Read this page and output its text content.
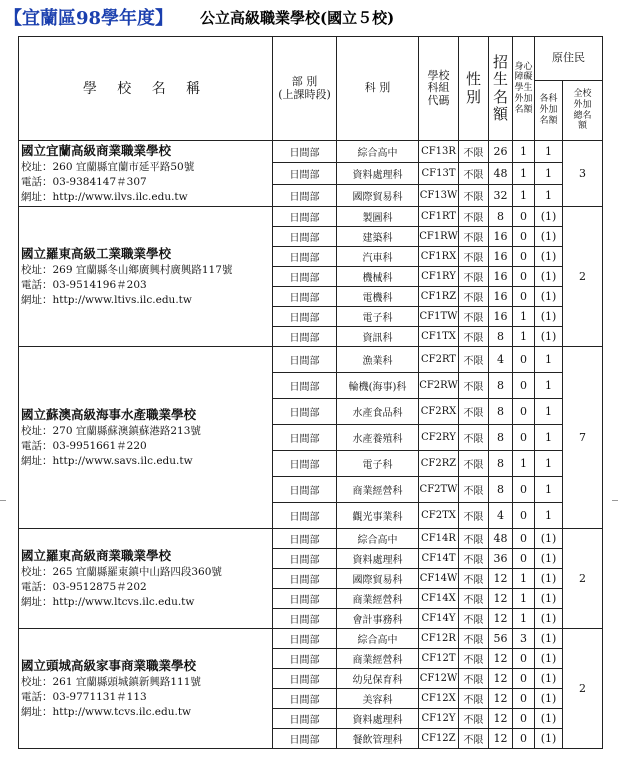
【宜蘭區98學年度】 公立高級職業學校(國立５校)
學 校 名 稱	部 別
(上課時段)	科 別	學校科組代碼	性別	招生名額	身心障礙學生外加名額	原住民	

							各科外加名額	全校外加總名額

國立宜蘭高級商業職業學校
校址：260 宜蘭縣宜蘭市延平路50號
電話：03-9384147＃307
網址：http://www.ilvs.ilc.edu.tw	日間部	綜合高中	CF13R	不限	26	1	1	3
	日間部	資料處理科	CF13T	不限	48	1	1	
	日間部	國際貿易科	CF13W	不限	32	1	1	

國立羅東高級工業職業學校
校址：269 宜蘭縣冬山鄉廣興村廣興路117號
電話：03-9514196＃203
網址：http://www.ltivs.ilc.edu.tw	日間部	製圖科	CF1RT	不限	8	0	(1)	2
	日間部	建築科	CF1RW	不限	16	0	(1)	
	日間部	汽車科	CF1RX	不限	16	0	(1)	
	日間部	機械科	CF1RY	不限	16	0	(1)	
	日間部	電機科	CF1RZ	不限	16	0	(1)	
	日間部	電子科	CF1TW	不限	16	1	(1)	
	日間部	資訊科	CF1TX	不限	8	1	(1)	

國立蘇澳高級海事水產職業學校
校址：270 宜蘭縣蘇澳鎮蘇港路213號
電話：03-9951661＃220
網址：http://www.savs.ilc.edu.tw	日間部	漁業科	CF2RT	不限	4	0	1	7
	日間部	輪機(海事)科	CF2RW	不限	8	0	1	
	日間部	水產食品科	CF2RX	不限	8	0	1	
	日間部	水產養殖科	CF2RY	不限	8	0	1	
	日間部	電子科	CF2RZ	不限	8	1	1	
	日間部	商業經營科	CF2TW	不限	8	0	1	
	日間部	觀光事業科	CF2TX	不限	4	0	1	

國立羅東高級商業職業學校
校址：265 宜蘭縣羅東鎮中山路四段360號
電話：03-9512875＃202
網址：http://www.ltcvs.ilc.edu.tw	日間部	綜合高中	CF14R	不限	48	0	(1)	2
	日間部	資料處理科	CF14T	不限	36	0	(1)	
	日間部	國際貿易科	CF14W	不限	12	1	(1)	
	日間部	商業經營科	CF14X	不限	12	1	(1)	
	日間部	會計事務科	CF14Y	不限	12	1	(1)	

國立頭城高級家事商業職業學校
校址：261 宜蘭縣頭城鎮新興路111號
電話：03-9771131＃113
網址：http://www.tcvs.ilc.edu.tw	日間部	綜合高中	CF12R	不限	56	3	(1)	2
	日間部	商業經營科	CF12T	不限	12	0	(1)	
	日間部	幼兒保育科	CF12W	不限	12	0	(1)	
	日間部	美容科	CF12X	不限	12	0	(1)	
	日間部	資料處理科	CF12Y	不限	12	0	(1)	
	日間部	餐飲管理科	CF12Z	不限	12	0	(1)	
